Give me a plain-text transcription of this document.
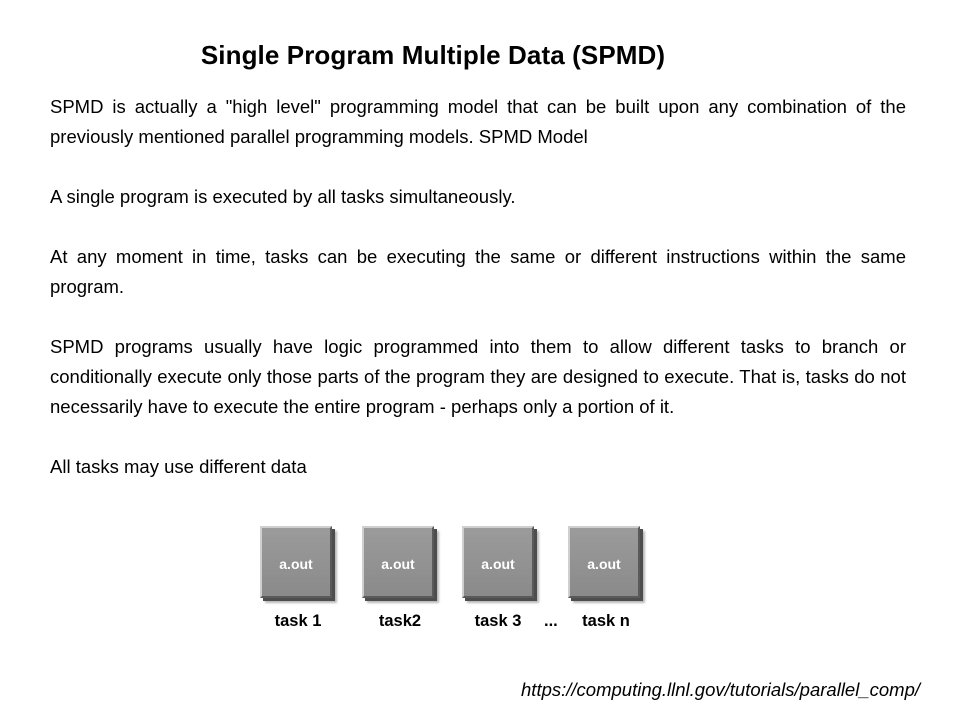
Single Program Multiple Data (SPMD)

SPMD is actually a "high level" programming model that can be built upon any combination of the previously mentioned parallel programming models. SPMD Model

A single program is executed by all tasks simultaneously.

At any moment in time, tasks can be executing the same or different instructions within the same program.

SPMD programs usually have logic programmed into them to allow different tasks to branch or conditionally execute only those parts of the program they are designed to execute. That is, tasks do not necessarily have to execute the entire program - perhaps only a portion of it.

All tasks may use different data

a.out
task 1
a.out
task2
a.out
task 3	...
a.out
task n
https://computing.llnl.gov/tutorials/parallel_comp/
